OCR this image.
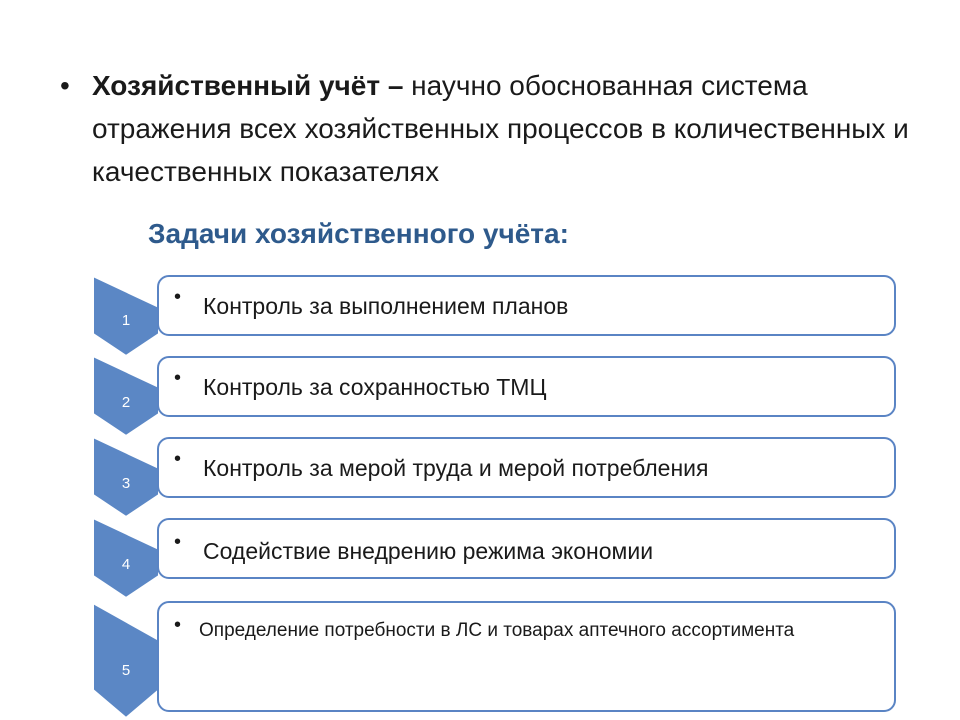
• Хозяйственный учёт – научно обоснованная система отражения всех хозяйственных процессов в количественных и качественных показателях
Задачи хозяйственного учёта:
1
2
3
4
5
• Контроль за выполнением планов
• Контроль за сохранностью ТМЦ
• Контроль за мерой труда и мерой потребления
• Содействие внедрению режима экономии
• Определение потребности в ЛС и товарах аптечного ассортимента
